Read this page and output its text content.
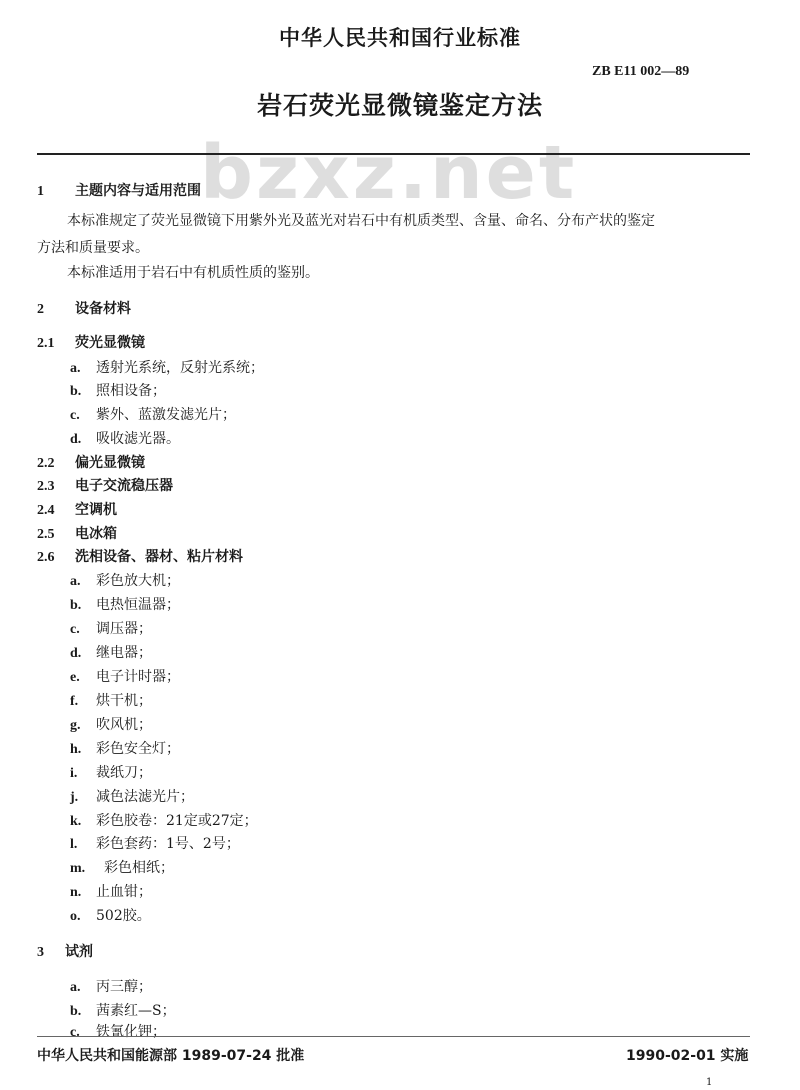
bzxz.net
中华人民共和国行业标准
ZB E11 002—89
岩石荧光显微镜鉴定方法
1 主题内容与适用范围
本标准规定了荧光显微镜下用紫外光及蓝光对岩石中有机质类型、含量、命名、分布产状的鉴定
方法和质量要求。
本标准适用于岩石中有机质性质的鉴别。
2 设备材料
2.1 荧光显微镜
a. 透射光系统，反射光系统；
b. 照相设备；
c. 紫外、蓝激发滤光片；
d. 吸收滤光器。
2.2 偏光显微镜
2.3 电子交流稳压器
2.4 空调机
2.5 电冰箱
2.6 洗相设备、器材、粘片材料
a. 彩色放大机；
b. 电热恒温器；
c. 调压器；
d. 继电器；
e. 电子计时器；
f. 烘干机；
g. 吹风机；
h. 彩色安全灯；
i. 裁纸刀；
j. 减色法滤光片；
k. 彩色胶卷：21定或27定；
l. 彩色套药：1号、2号；
m. 彩色相纸；
n. 止血钳；
o. 502胶。
3 试剂
a. 丙三醇；
b. 茜素红—S；
c. 铁氰化钾；
中华人民共和国能源部 1989-07-24 批准	1990-02-01 实施
1
